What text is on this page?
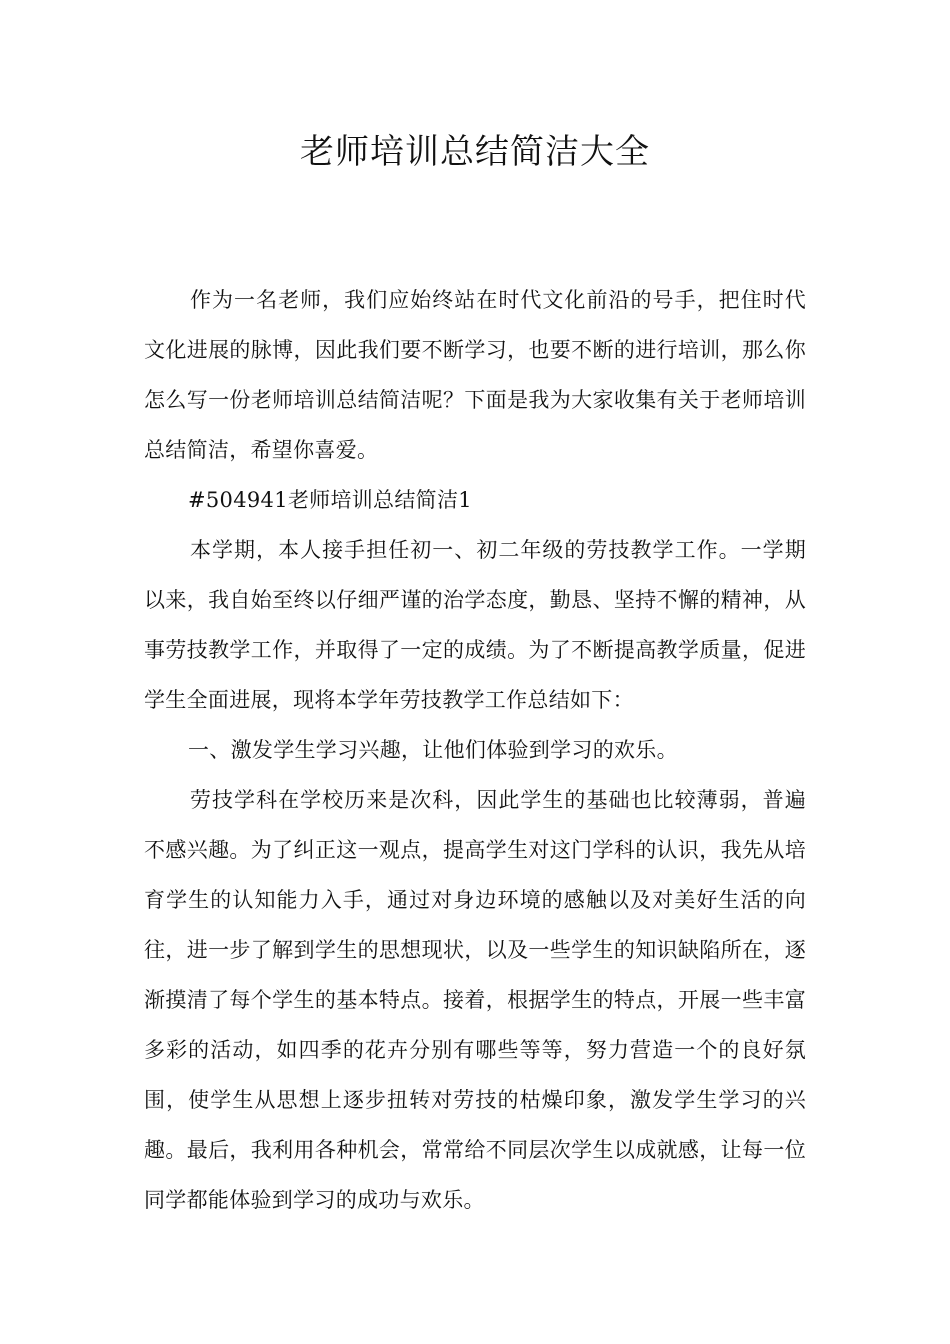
老师培训总结简洁大全

作为一名老师，我们应始终站在时代文化前沿的号手，把住时代文化进展的脉博，因此我们要不断学习，也要不断的进行培训，那么你怎么写一份老师培训总结简洁呢？下面是我为大家收集有关于老师培训总结简洁，希望你喜爱。

#504941老师培训总结简洁1

本学期，本人接手担任初一、初二年级的劳技教学工作。一学期以来，我自始至终以仔细严谨的治学态度，勤恳、坚持不懈的精神，从事劳技教学工作，并取得了一定的成绩。为了不断提高教学质量，促进学生全面进展，现将本学年劳技教学工作总结如下：

一、激发学生学习兴趣，让他们体验到学习的欢乐。

劳技学科在学校历来是次科，因此学生的基础也比较薄弱，普遍不感兴趣。为了纠正这一观点，提高学生对这门学科的认识，我先从培育学生的认知能力入手，通过对身边环境的感触以及对美好生活的向往，进一步了解到学生的思想现状，以及一些学生的知识缺陷所在，逐渐摸清了每个学生的基本特点。接着，根据学生的特点，开展一些丰富多彩的活动，如四季的花卉分别有哪些等等，努力营造一个的良好氛围，使学生从思想上逐步扭转对劳技的枯燥印象，激发学生学习的兴趣。最后，我利用各种机会，常常给不同层次学生以成就感，让每一位同学都能体验到学习的成功与欢乐。
